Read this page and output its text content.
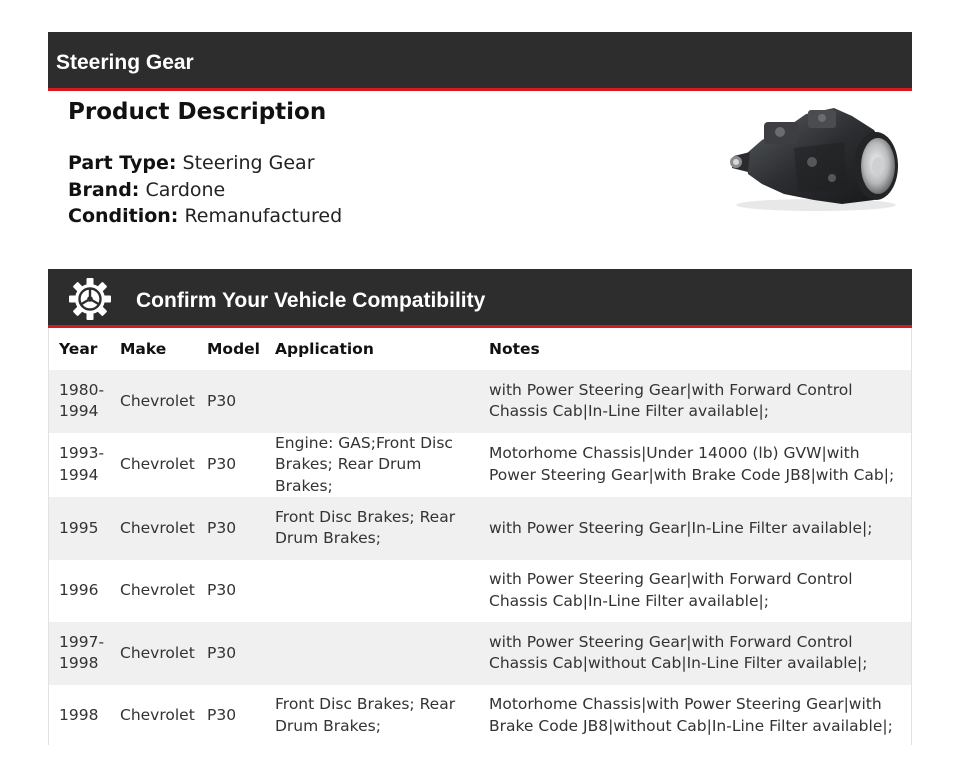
Steering Gear
Product Description
Part Type: Steering Gear
Brand: Cardone
Condition: Remanufactured
Confirm Your Vehicle Compatibility
Year	Make	Model	Application	Notes
1980-1994	Chevrolet	P30		with Power Steering Gear|with Forward Control Chassis Cab|In-Line Filter available|;
1993-1994	Chevrolet	P30	Engine: GAS;Front Disc Brakes; Rear Drum Brakes;	Motorhome Chassis|Under 14000 (lb) GVW|with Power Steering Gear|with Brake Code JB8|with Cab|;
1995	Chevrolet	P30	Front Disc Brakes; Rear Drum Brakes;	with Power Steering Gear|In-Line Filter available|;
1996	Chevrolet	P30		with Power Steering Gear|with Forward Control Chassis Cab|In-Line Filter available|;
1997-1998	Chevrolet	P30		with Power Steering Gear|with Forward Control Chassis Cab|without Cab|In-Line Filter available|;
1998	Chevrolet	P30	Front Disc Brakes; Rear Drum Brakes;	Motorhome Chassis|with Power Steering Gear|with Brake Code JB8|without Cab|In-Line Filter available|;
